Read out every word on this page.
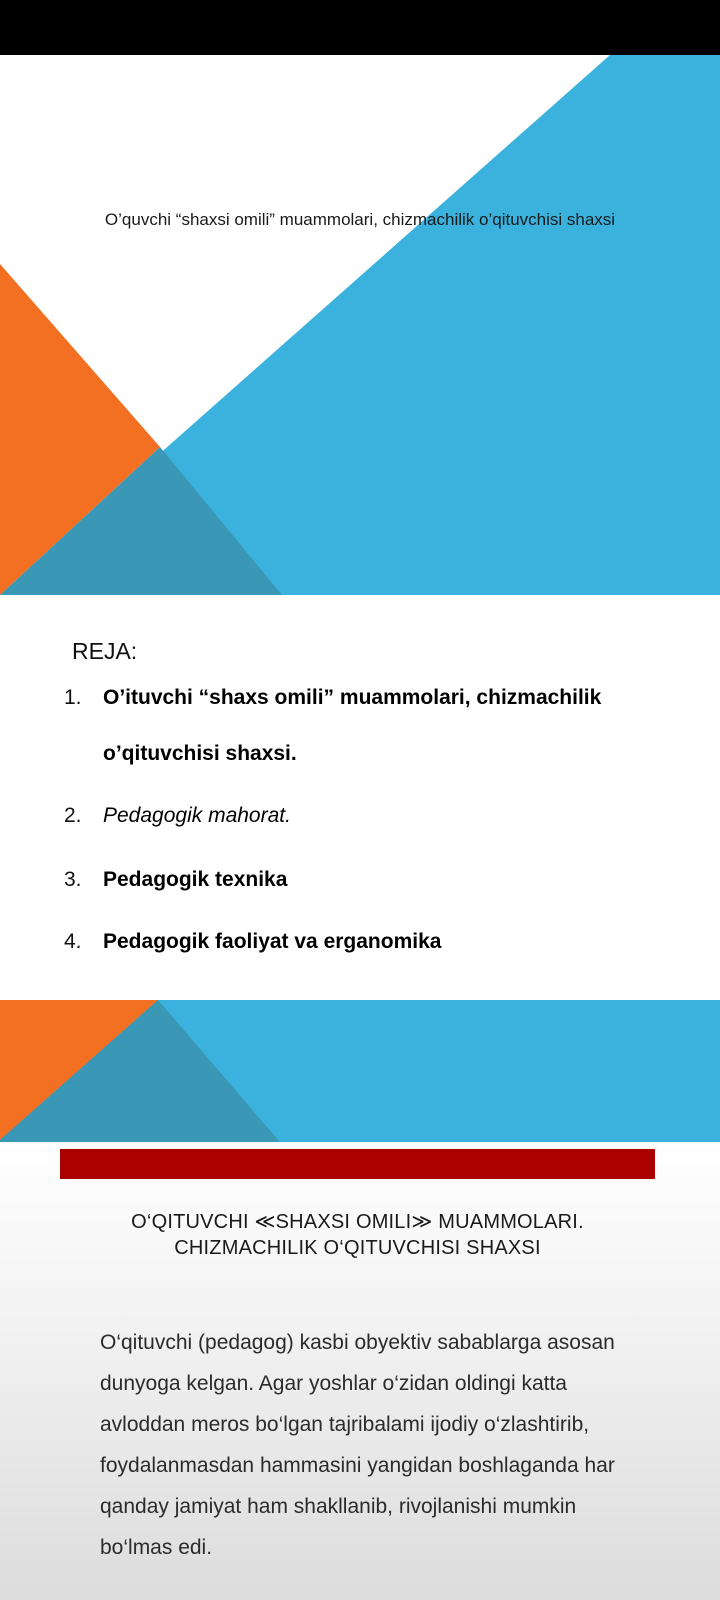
O’quvchi “shaxsi omili” muammolari, chizmachilik o’qituvchisi shaxsi
REJA:
1. O’ituvchi “shaxs omili” muammolari, chizmachilik
o’qituvchisi shaxsi.
2. Pedagogik mahorat.
3. Pedagogik texnika
4. Pedagogik faoliyat va erganomika
O‘QITUVCHI ≪SHAXSI OMILI≫ MUAMMOLARI. CHIZMACHILIK O‘QITUVCHISI SHAXSI
O‘qituvchi (pedagog) kasbi obyektiv sabablarga asosan dunyoga kelgan. Agar yoshlar o‘zidan oldingi katta avloddan meros bo‘lgan tajribalami ijodiy o‘zlashtirib, foydalanmasdan hammasini yangidan boshlaganda har qanday jamiyat ham shakllanib, rivojlanishi mumkin bo‘lmas edi.
